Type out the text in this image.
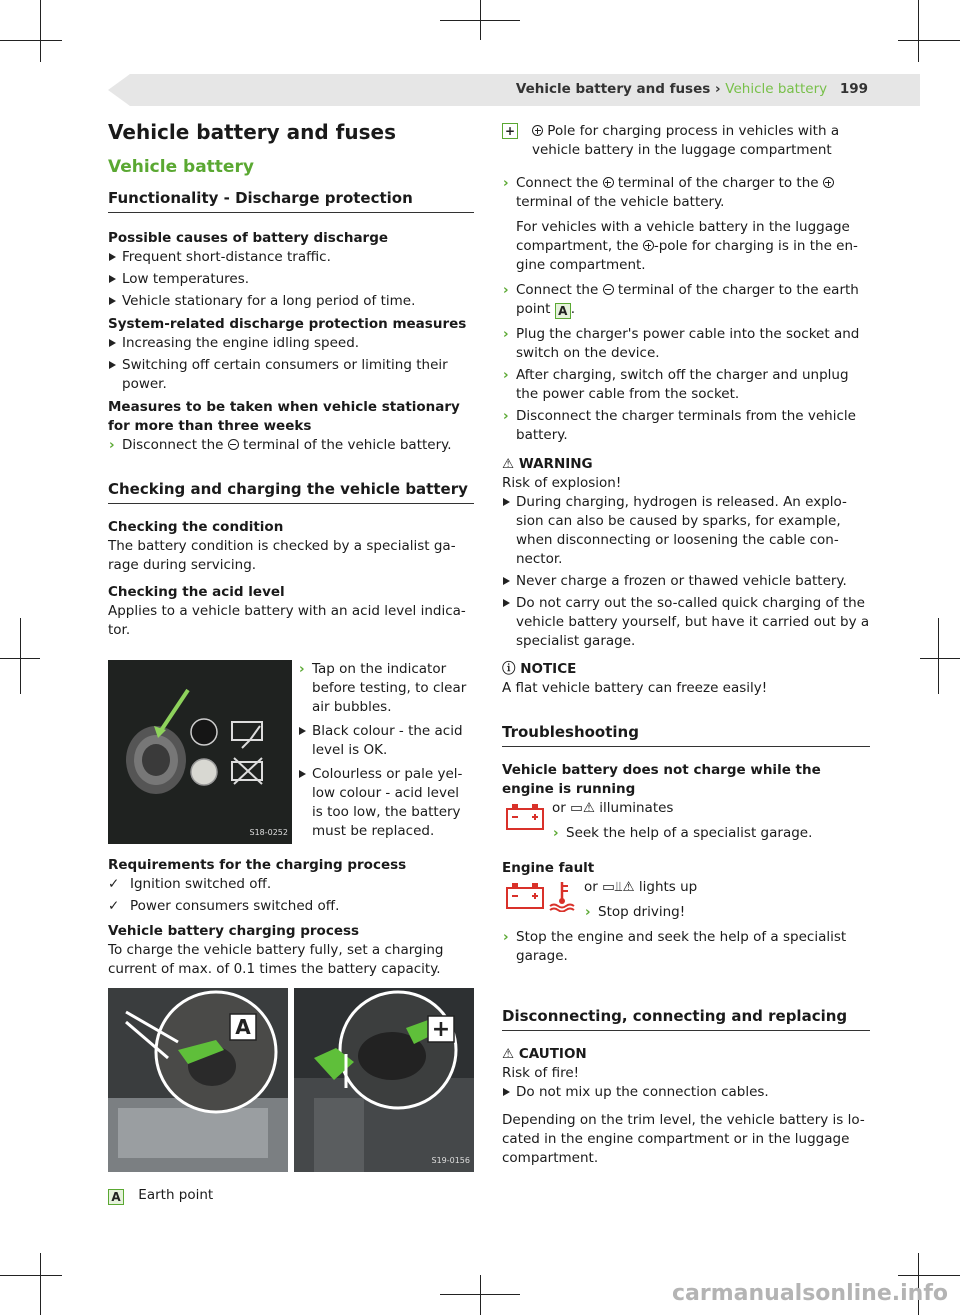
Vehicle battery and fuses › Vehicle battery 199
Vehicle battery and fuses
Vehicle battery
Functionality - Discharge protection

Possible causes of battery discharge

Frequent short-distance traffic.
Low temperatures.
Vehicle stationary for a long period of time.

System-related discharge protection measures

Increasing the engine idling speed.
Switching off certain consumers or limiting their power.

Measures to be taken when vehicle stationary for more than three weeks

› Disconnect the terminal of the vehicle battery.
Checking and charging the vehicle battery

Checking the condition

The battery condition is checked by a specialist ga-rage during servicing.

Checking the acid level

Applies to a vehicle battery with an acid level indica-tor.

S18-0252
› Tap on the indicator before testing, to clear air bubbles.
Black colour - the acid level is OK.
Colourless or pale yel-low colour - acid level is too low, the battery must be replaced.

Requirements for the charging process

✓ Ignition switched off.
✓ Power consumers switched off.

Vehicle battery charging process

To charge the vehicle battery fully, set a charging current of max. of 0.1 times the battery capacity.

A	+
S19-0156
A Earth point
+ Pole for charging process in vehicles with a vehicle battery in the luggage compartment
› Connect the terminal of the charger to the  terminal of the vehicle battery.

For vehicles with a vehicle battery in the luggage compartment, the -pole for charging is in the en-gine compartment.

› Connect the terminal of the charger to the earth point A .
› Plug the charger's power cable into the socket and switch on the device.
› After charging, switch off the charger and unplug the power cable from the socket.
› Disconnect the charger terminals from the vehicle battery.

⚠ WARNING

Risk of explosion!

During charging, hydrogen is released. An explo-sion can also be caused by sparks, for example, when disconnecting or loosening the cable con-nector.
Never charge a frozen or thawed vehicle battery.
Do not carry out the so-called quick charging of the vehicle battery yourself, but have it carried out by a specialist garage.

ⓘ NOTICE

A flat vehicle battery can freeze easily!

Troubleshooting

Vehicle battery does not charge while the engine is running

or ▭⚠ illuminates

› Seek the help of a specialist garage.

Engine fault

or ▭⫫⚠ lights up

› Stop driving!
› Stop the engine and seek the help of a specialist garage.
Disconnecting, connecting and replacing

⚠ CAUTION

Risk of fire!

Do not mix up the connection cables.

Depending on the trim level, the vehicle battery is lo-cated in the engine compartment or in the luggage compartment.

carmanualsonline.info
